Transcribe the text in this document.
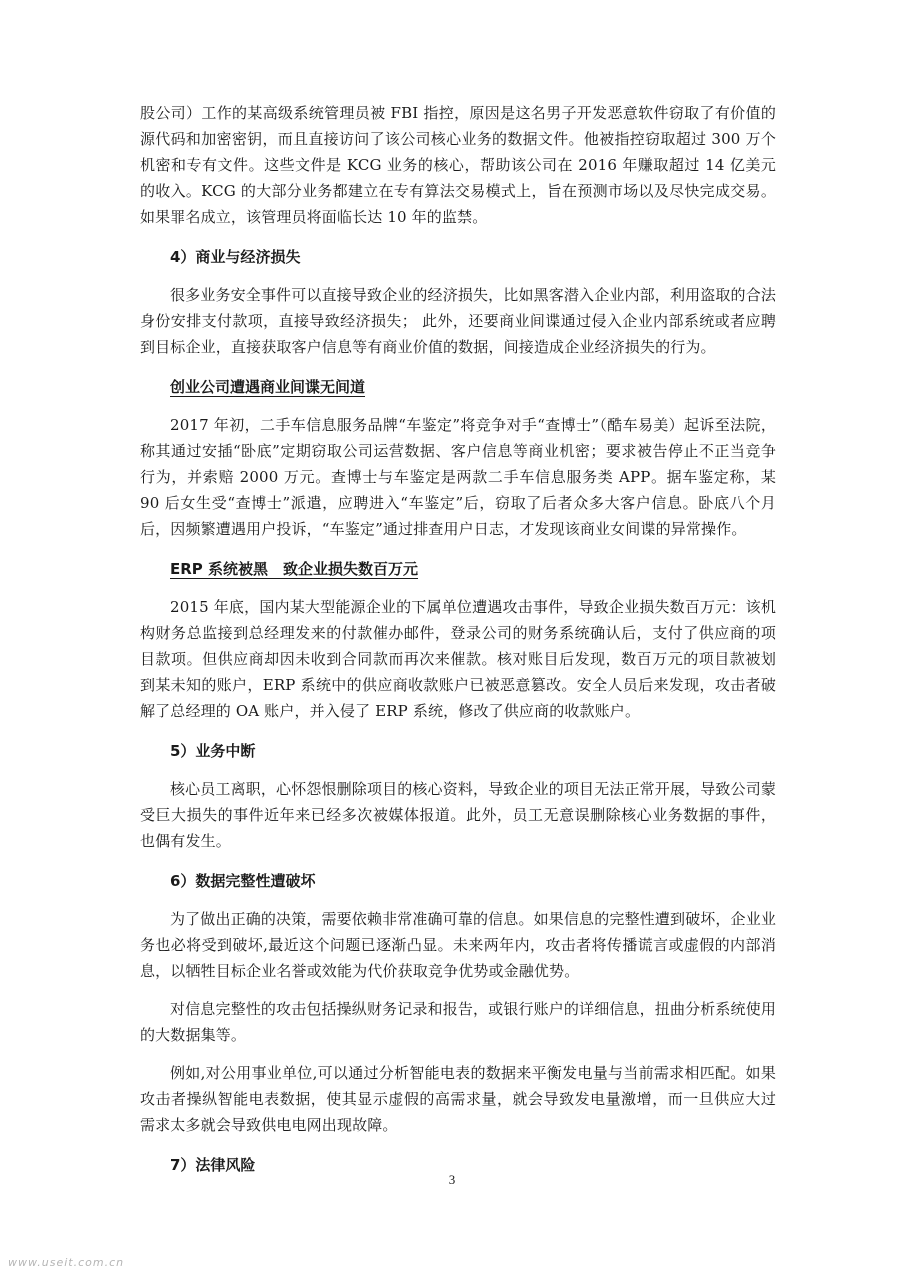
股公司）工作的某高级系统管理员被 FBI 指控，原因是这名男子开发恶意软件窃取了有价值的源代码和加密密钥，而且直接访问了该公司核心业务的数据文件。他被指控窃取超过 300 万个机密和专有文件。这些文件是 KCG 业务的核心，帮助该公司在 2016 年赚取超过 14 亿美元的收入。KCG 的大部分业务都建立在专有算法交易模式上，旨在预测市场以及尽快完成交易。如果罪名成立，该管理员将面临长达 10 年的监禁。

4）商业与经济损失

很多业务安全事件可以直接导致企业的经济损失，比如黑客潜入企业内部，利用盗取的合法身份安排支付款项，直接导致经济损失； 此外，还要商业间谍通过侵入企业内部系统或者应聘到目标企业，直接获取客户信息等有商业价值的数据，间接造成企业经济损失的行为。

创业公司遭遇商业间谍无间道

2017 年初，二手车信息服务品牌“车鉴定”将竞争对手“查博士”（酷车易美）起诉至法院，称其通过安插“卧底”定期窃取公司运营数据、客户信息等商业机密；要求被告停止不正当竞争行为，并索赔 2000 万元。查博士与车鉴定是两款二手车信息服务类 APP。据车鉴定称，某 90 后女生受“查博士”派遣，应聘进入“车鉴定”后，窃取了后者众多大客户信息。卧底八个月后，因频繁遭遇用户投诉，“车鉴定”通过排查用户日志，才发现该商业女间谍的异常操作。

ERP 系统被黑　致企业损失数百万元

2015 年底，国内某大型能源企业的下属单位遭遇攻击事件，导致企业损失数百万元：该机构财务总监接到总经理发来的付款催办邮件，登录公司的财务系统确认后，支付了供应商的项目款项。但供应商却因未收到合同款而再次来催款。核对账目后发现，数百万元的项目款被划到某未知的账户，ERP 系统中的供应商收款账户已被恶意篡改。安全人员后来发现，攻击者破解了总经理的 OA 账户，并入侵了 ERP 系统，修改了供应商的收款账户。

5）业务中断

核心员工离职，心怀怨恨删除项目的核心资料，导致企业的项目无法正常开展，导致公司蒙受巨大损失的事件近年来已经多次被媒体报道。此外，员工无意误删除核心业务数据的事件，也偶有发生。

6）数据完整性遭破坏

为了做出正确的决策，需要依赖非常准确可靠的信息。如果信息的完整性遭到破坏，企业业务也必将受到破坏,最近这个问题已逐渐凸显。未来两年内，攻击者将传播谎言或虚假的内部消息，以牺牲目标企业名誉或效能为代价获取竞争优势或金融优势。

对信息完整性的攻击包括操纵财务记录和报告，或银行账户的详细信息，扭曲分析系统使用的大数据集等。

例如,对公用事业单位,可以通过分析智能电表的数据来平衡发电量与当前需求相匹配。如果攻击者操纵智能电表数据，使其显示虚假的高需求量，就会导致发电量激增，而一旦供应大过需求太多就会导致供电电网出现故障。

7）法律风险

3
www.useit.com.cn
